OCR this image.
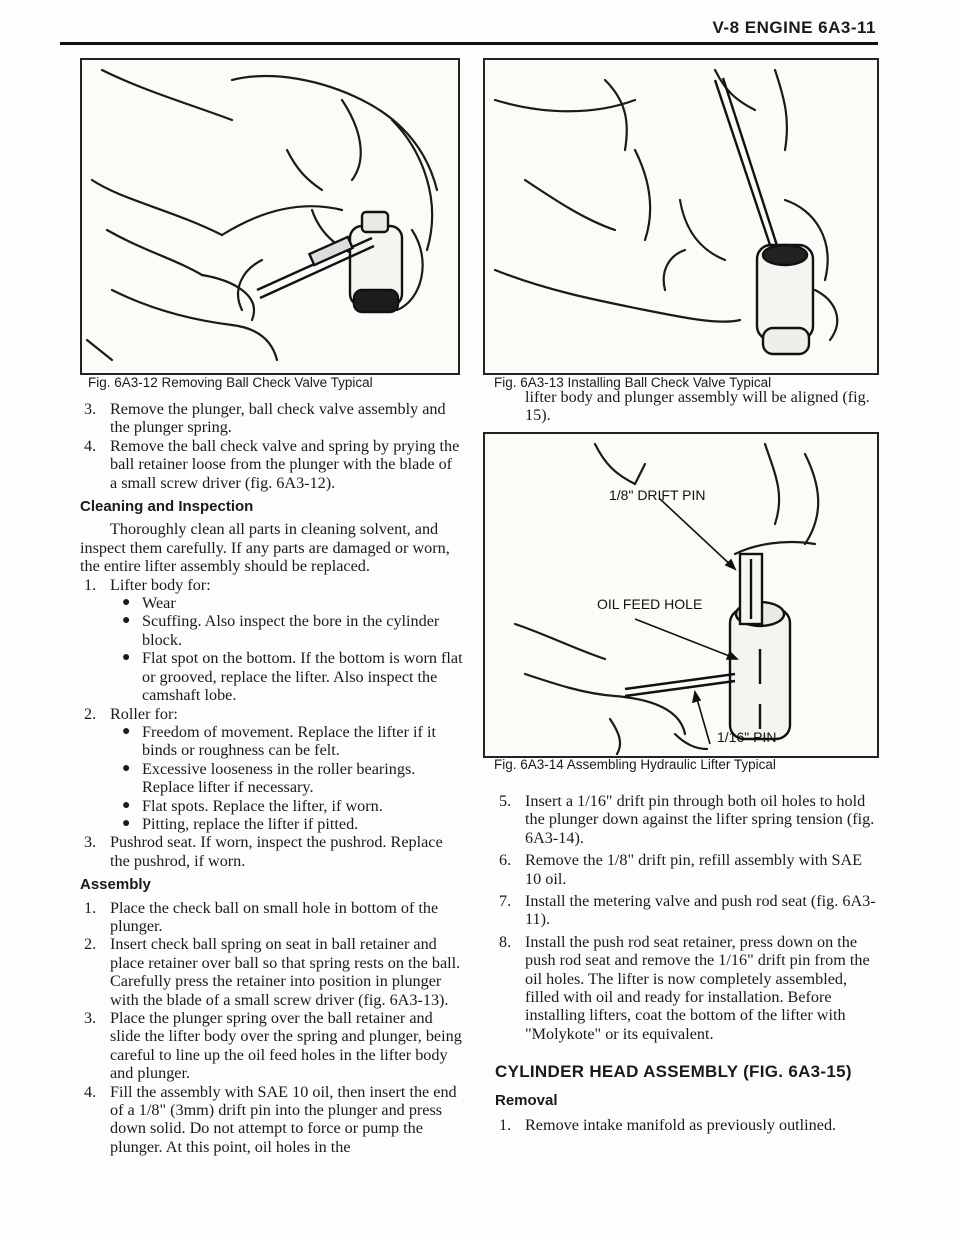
V-8 ENGINE 6A3-11
Fig. 6A3-12 Removing Ball Check Valve Typical	Fig. 6A3-13 Installing Ball Check Valve Typical

3. Remove the plunger, ball check valve assembly and the plunger spring.

4. Remove the ball check valve and spring by prying the ball retainer loose from the plunger with the blade of a small screw driver (fig. 6A3-12).

Cleaning and Inspection

Thoroughly clean all parts in cleaning solvent, and inspect them carefully. If any parts are damaged or worn, the entire lifter assembly should be replaced.

1. Lifter body for:

● Wear

● Scuffing. Also inspect the bore in the cylinder block.

● Flat spot on the bottom. If the bottom is worn flat or grooved, replace the lifter. Also inspect the camshaft lobe.

2. Roller for:

● Freedom of movement. Replace the lifter if it binds or roughness can be felt.

● Excessive looseness in the roller bearings. Replace lifter if necessary.

● Flat spots. Replace the lifter, if worn.

● Pitting, replace the lifter if pitted.

3. Pushrod seat. If worn, inspect the pushrod. Replace the pushrod, if worn.

Assembly

1. Place the check ball on small hole in bottom of the plunger.

2. Insert check ball spring on seat in ball retainer and place retainer over ball so that spring rests on the ball. Carefully press the retainer into position in plunger with the blade of a small screw driver (fig. 6A3-13).

3. Place the plunger spring over the ball retainer and slide the lifter body over the spring and plunger, being careful to line up the oil feed holes in the lifter body and plunger.

4. Fill the assembly with SAE 10 oil, then insert the end of a 1/8" (3mm) drift pin into the plunger and press down solid. Do not attempt to force or pump the plunger. At this point, oil holes in the

lifter body and plunger assembly will be aligned (fig. 15).

1/8" DRIFT PIN
OIL FEED HOLE
1/16" PIN
Fig. 6A3-14 Assembling Hydraulic Lifter Typical

5. Insert a 1/16" drift pin through both oil holes to hold the plunger down against the lifter spring tension (fig. 6A3-14).

6. Remove the 1/8" drift pin, refill assembly with SAE 10 oil.

7. Install the metering valve and push rod seat (fig. 6A3-11).

8. Install the push rod seat retainer, press down on the push rod seat and remove the 1/16" drift pin from the oil holes. The lifter is now completely assembled, filled with oil and ready for installation. Before installing lifters, coat the bottom of the lifter with "Molykote" or its equivalent.

CYLINDER HEAD ASSEMBLY (FIG. 6A3-15)
Removal

1. Remove intake manifold as previously outlined.
